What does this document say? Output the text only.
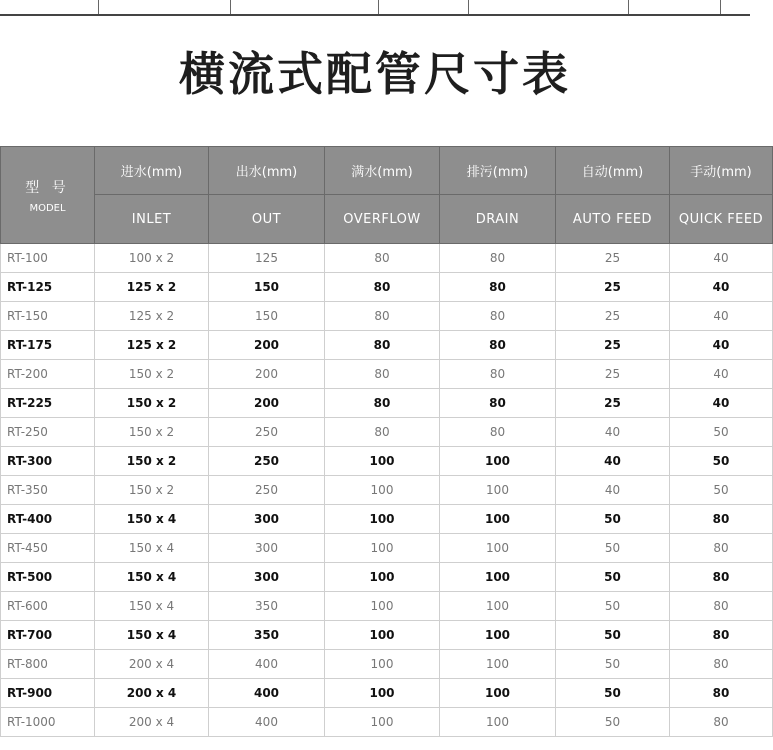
横流式配管尺寸表
型 号
MODEL	进水(mm)	出水(mm)	满水(mm)	排污(mm)	自动(mm)	手动(mm)
	INLET	OUT	OVERFLOW	DRAIN	AUTO FEED	QUICK FEED
RT-100	100 x 2	125	80	80	25	40
RT-125	125 x 2	150	80	80	25	40
RT-150	125 x 2	150	80	80	25	40
RT-175	125 x 2	200	80	80	25	40
RT-200	150 x 2	200	80	80	25	40
RT-225	150 x 2	200	80	80	25	40
RT-250	150 x 2	250	80	80	40	50
RT-300	150 x 2	250	100	100	40	50
RT-350	150 x 2	250	100	100	40	50
RT-400	150 x 4	300	100	100	50	80
RT-450	150 x 4	300	100	100	50	80
RT-500	150 x 4	300	100	100	50	80
RT-600	150 x 4	350	100	100	50	80
RT-700	150 x 4	350	100	100	50	80
RT-800	200 x 4	400	100	100	50	80
RT-900	200 x 4	400	100	100	50	80
RT-1000	200 x 4	400	100	100	50	80
